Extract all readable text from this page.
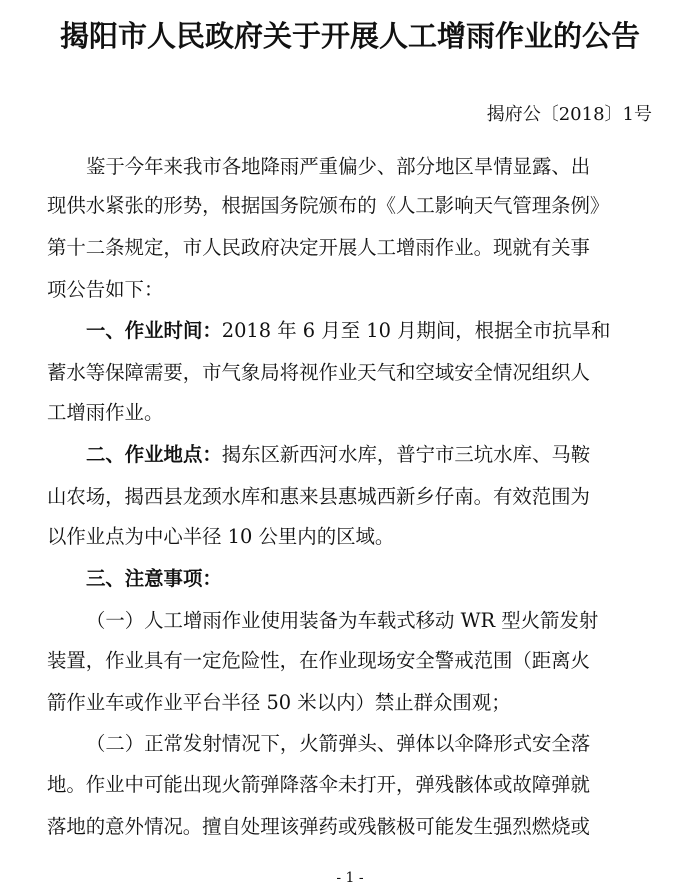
揭阳市人民政府关于开展人工增雨作业的公告
揭府公〔2018〕1号
鉴于今年来我市各地降雨严重偏少、部分地区旱情显露、出
现供水紧张的形势，根据国务院颁布的《人工影响天气管理条例》
第十二条规定，市人民政府决定开展人工增雨作业。现就有关事
项公告如下：
一、作业时间：2018 年 6 月至 10 月期间，根据全市抗旱和
蓄水等保障需要，市气象局将视作业天气和空域安全情况组织人
工增雨作业。
二、作业地点：揭东区新西河水库，普宁市三坑水库、马鞍
山农场，揭西县龙颈水库和惠来县惠城西新乡仔南。有效范围为
以作业点为中心半径 10 公里内的区域。
三、注意事项：
（一）人工增雨作业使用装备为车载式移动 WR 型火箭发射
装置，作业具有一定危险性，在作业现场安全警戒范围（距离火
箭作业车或作业平台半径 50 米以内）禁止群众围观；
（二）正常发射情况下，火箭弹头、弹体以伞降形式安全落
地。作业中可能出现火箭弹降落伞未打开，弹残骸体或故障弹就
落地的意外情况。擅自处理该弹药或残骸极可能发生强烈燃烧或
- 1 -
